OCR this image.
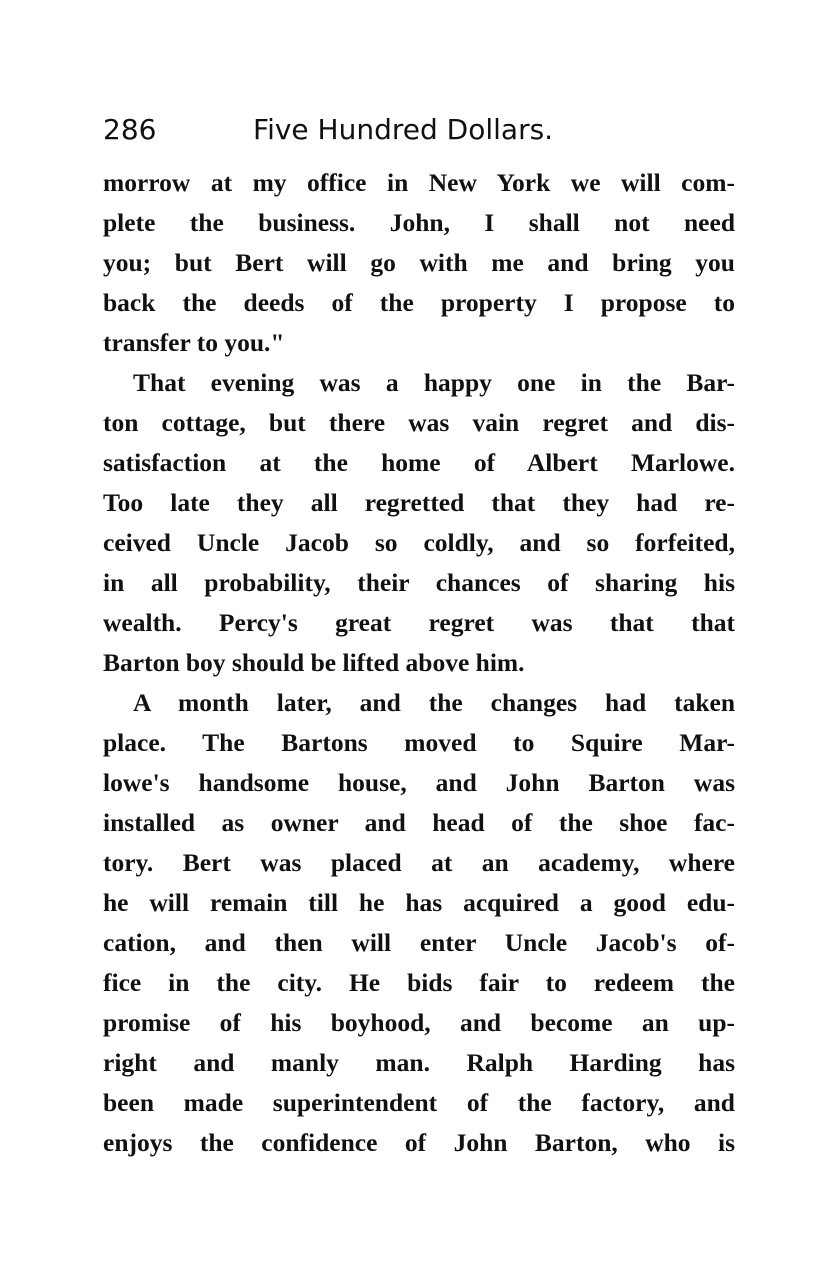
286	Five Hundred Dollars.
morrow at my office in New York we will com-
plete the business. John, I shall not need
you; but Bert will go with me and bring you
back the deeds of the property I propose to
transfer to you."
That evening was a happy one in the Bar-
ton cottage, but there was vain regret and dis-
satisfaction at the home of Albert Marlowe.
Too late they all regretted that they had re-
ceived Uncle Jacob so coldly, and so forfeited,
in all probability, their chances of sharing his
wealth. Percy's great regret was that that
Barton boy should be lifted above him.
A month later, and the changes had taken
place. The Bartons moved to Squire Mar-
lowe's handsome house, and John Barton was
installed as owner and head of the shoe fac-
tory. Bert was placed at an academy, where
he will remain till he has acquired a good edu-
cation, and then will enter Uncle Jacob's of-
fice in the city. He bids fair to redeem the
promise of his boyhood, and become an up-
right and manly man. Ralph Harding has
been made superintendent of the factory, and
enjoys the confidence of John Barton, who is
